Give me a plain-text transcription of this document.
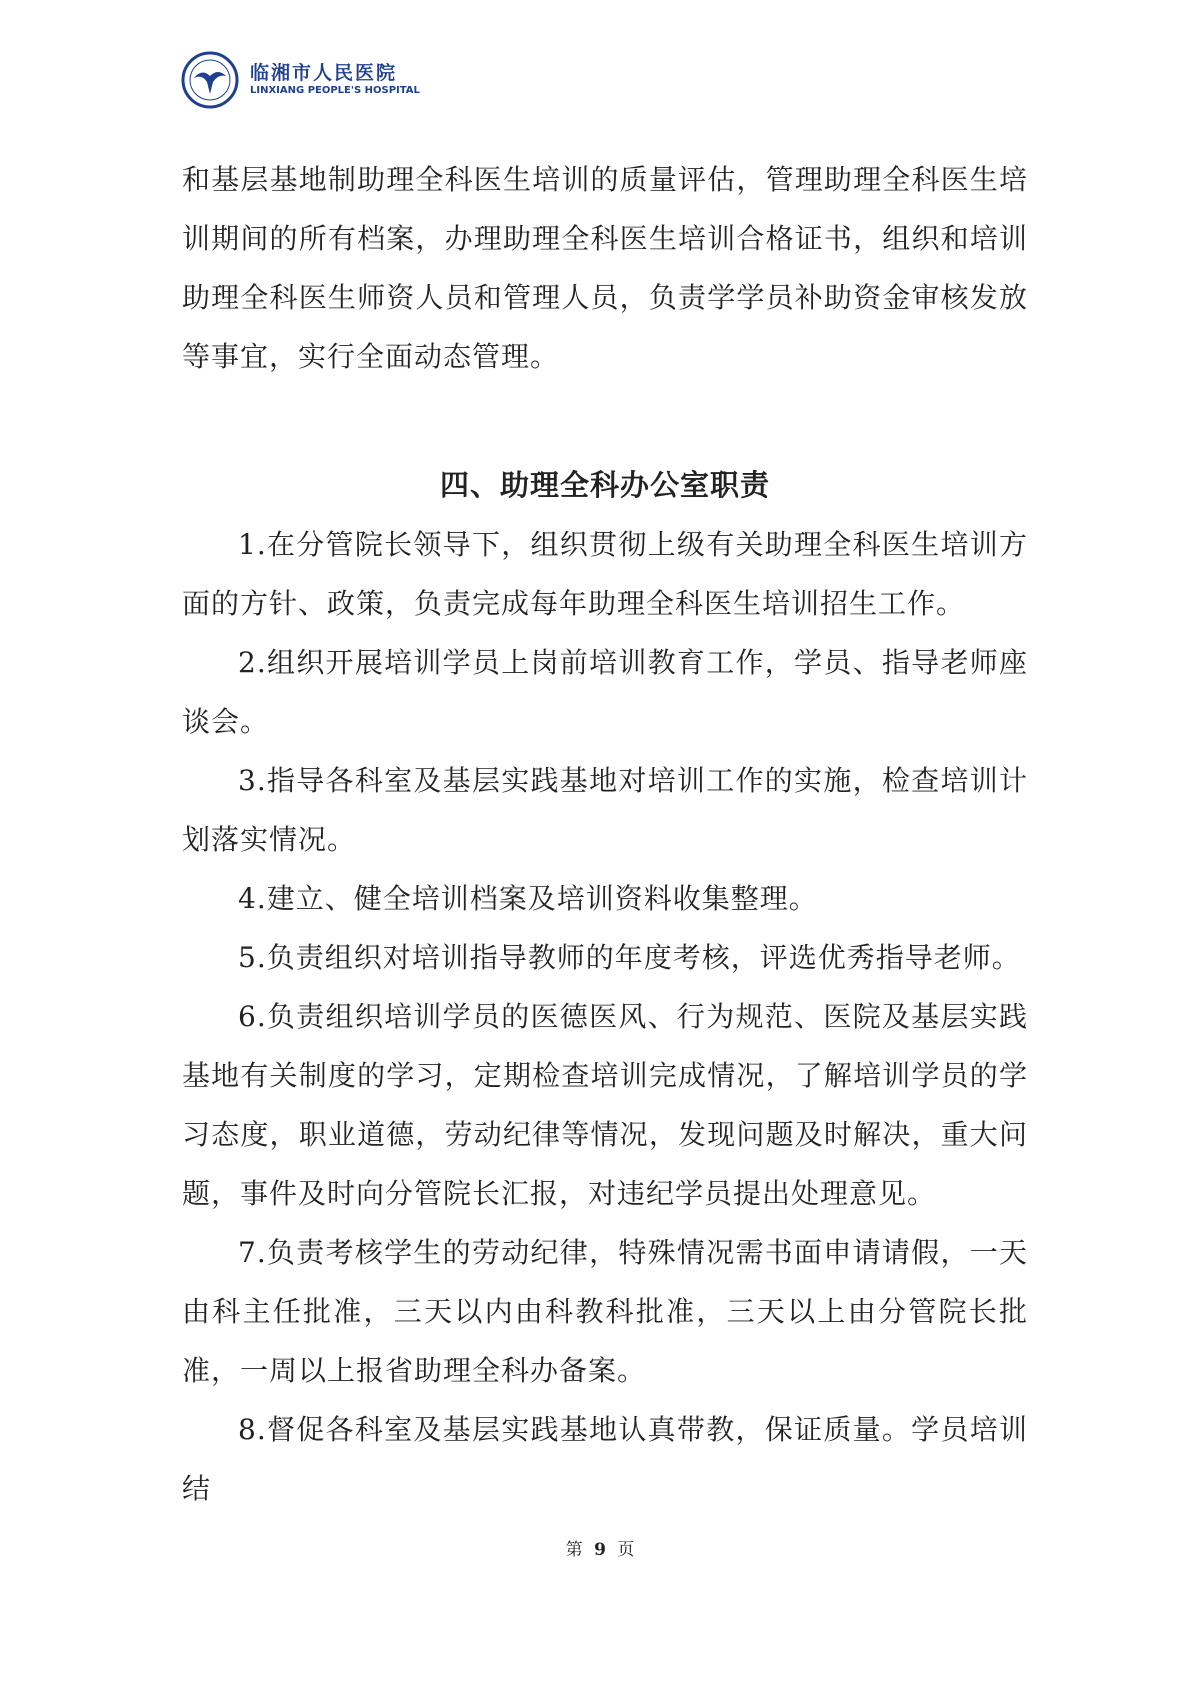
临湘市人民医院
LINXIANG PEOPLE'S HOSPITAL

和基层基地制助理全科医生培训的质量评估，管理助理全科医生培训期间的所有档案，办理助理全科医生培训合格证书，组织和培训助理全科医生师资人员和管理人员，负责学学员补助资金审核发放等事宜，实行全面动态管理。

四、助理全科办公室职责

1.在分管院长领导下，组织贯彻上级有关助理全科医生培训方面的方针、政策，负责完成每年助理全科医生培训招生工作。

2.组织开展培训学员上岗前培训教育工作，学员、指导老师座谈会。

3.指导各科室及基层实践基地对培训工作的实施，检查培训计划落实情况。

4.建立、健全培训档案及培训资料收集整理。

5.负责组织对培训指导教师的年度考核，评选优秀指导老师。

6.负责组织培训学员的医德医风、行为规范、医院及基层实践基地有关制度的学习，定期检查培训完成情况，了解培训学员的学习态度，职业道德，劳动纪律等情况，发现问题及时解决，重大问题，事件及时向分管院长汇报，对违纪学员提出处理意见。

7.负责考核学生的劳动纪律，特殊情况需书面申请请假，一天由科主任批准，三天以内由科教科批准，三天以上由分管院长批准，一周以上报省助理全科办备案。

8.督促各科室及基层实践基地认真带教，保证质量。学员培训结

第 9 页
